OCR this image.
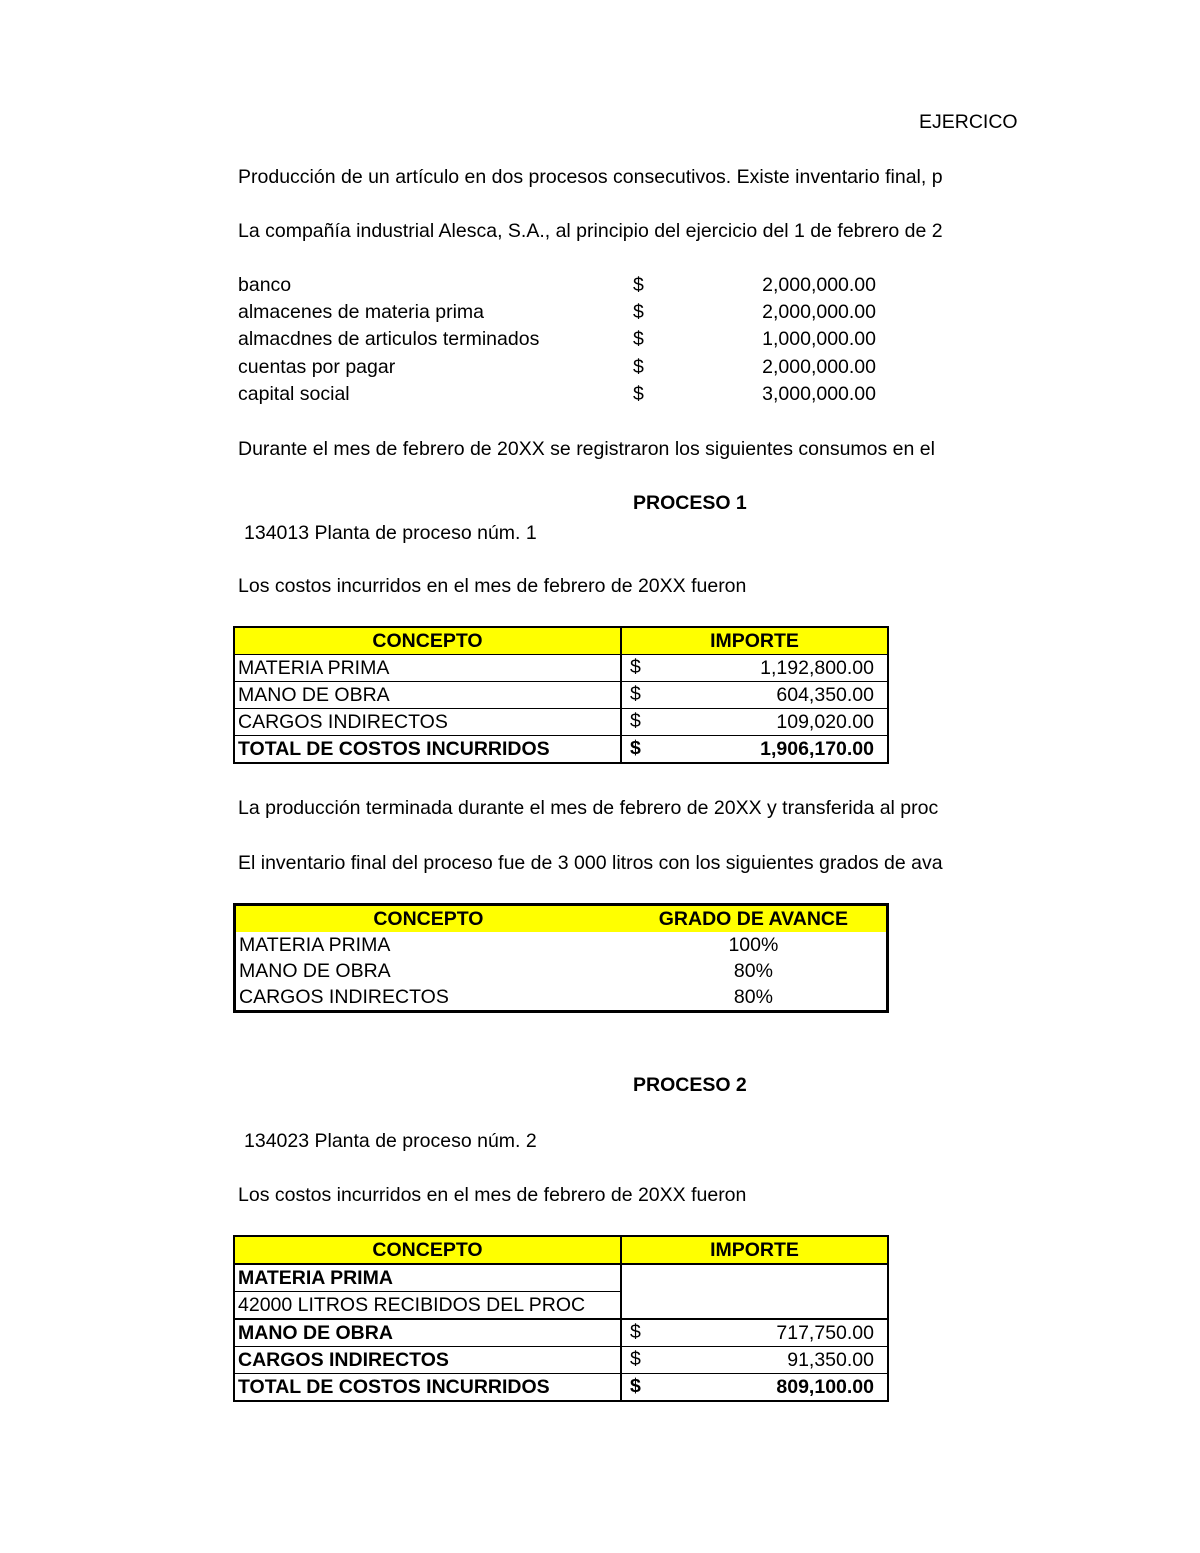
EJERCICO
Producción de un artículo en dos procesos consecutivos. Existe inventario final, p
La compañía industrial Alesca, S.A., al principio del ejercicio del 1 de febrero de 2
banco	$	2,000,000.00
almacenes de materia prima	$	2,000,000.00
almacdnes de articulos terminados	$	1,000,000.00
cuentas por pagar	$	2,000,000.00
capital social	$	3,000,000.00
Durante el mes de febrero de 20XX se registraron los siguientes consumos en el
PROCESO 1
134013 Planta de proceso núm. 1
Los costos incurridos en el mes de febrero de 20XX fueron
CONCEPTO	IMPORTE
MATERIA PRIMA	$ 1,192,800.00

MANO DE OBRA	$ 604,350.00

CARGOS INDIRECTOS	$ 109,020.00

TOTAL DE COSTOS INCURRIDOS	$ 1,906,170.00
La producción terminada durante el mes de febrero de 20XX y transferida al proc
El inventario final del proceso fue de 3 000 litros con los siguientes grados de ava
CONCEPTO	GRADO DE AVANCE
MATERIA PRIMA	100%
MANO DE OBRA	80%
CARGOS INDIRECTOS	80%
PROCESO 2
134023 Planta de proceso núm. 2
Los costos incurridos en el mes de febrero de 20XX fueron
CONCEPTO	IMPORTE
MATERIA PRIMA	
42000 LITROS RECIBIDOS DEL PROC	
MANO DE OBRA	$ 717,750.00

CARGOS INDIRECTOS	$ 91,350.00

TOTAL DE COSTOS INCURRIDOS	$ 809,100.00
